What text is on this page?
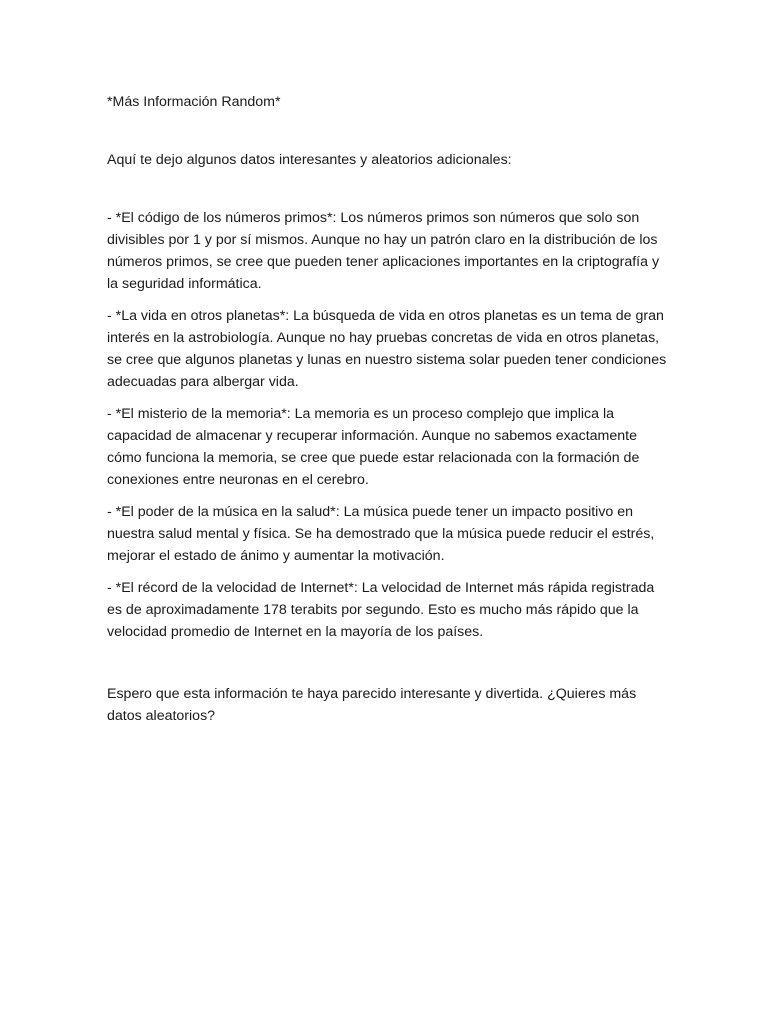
*Más Información Random*

Aquí te dejo algunos datos interesantes y aleatorios adicionales:

- *El código de los números primos*: Los números primos son números que solo son divisibles por 1 y por sí mismos. Aunque no hay un patrón claro en la distribución de los números primos, se cree que pueden tener aplicaciones importantes en la criptografía y la seguridad informática.

- *La vida en otros planetas*: La búsqueda de vida en otros planetas es un tema de gran interés en la astrobiología. Aunque no hay pruebas concretas de vida en otros planetas, se cree que algunos planetas y lunas en nuestro sistema solar pueden tener condiciones adecuadas para albergar vida.

- *El misterio de la memoria*: La memoria es un proceso complejo que implica la capacidad de almacenar y recuperar información. Aunque no sabemos exactamente cómo funciona la memoria, se cree que puede estar relacionada con la formación de conexiones entre neuronas en el cerebro.

- *El poder de la música en la salud*: La música puede tener un impacto positivo en nuestra salud mental y física. Se ha demostrado que la música puede reducir el estrés, mejorar el estado de ánimo y aumentar la motivación.

- *El récord de la velocidad de Internet*: La velocidad de Internet más rápida registrada es de aproximadamente 178 terabits por segundo. Esto es mucho más rápido que la velocidad promedio de Internet en la mayoría de los países.

Espero que esta información te haya parecido interesante y divertida. ¿Quieres más datos aleatorios?
